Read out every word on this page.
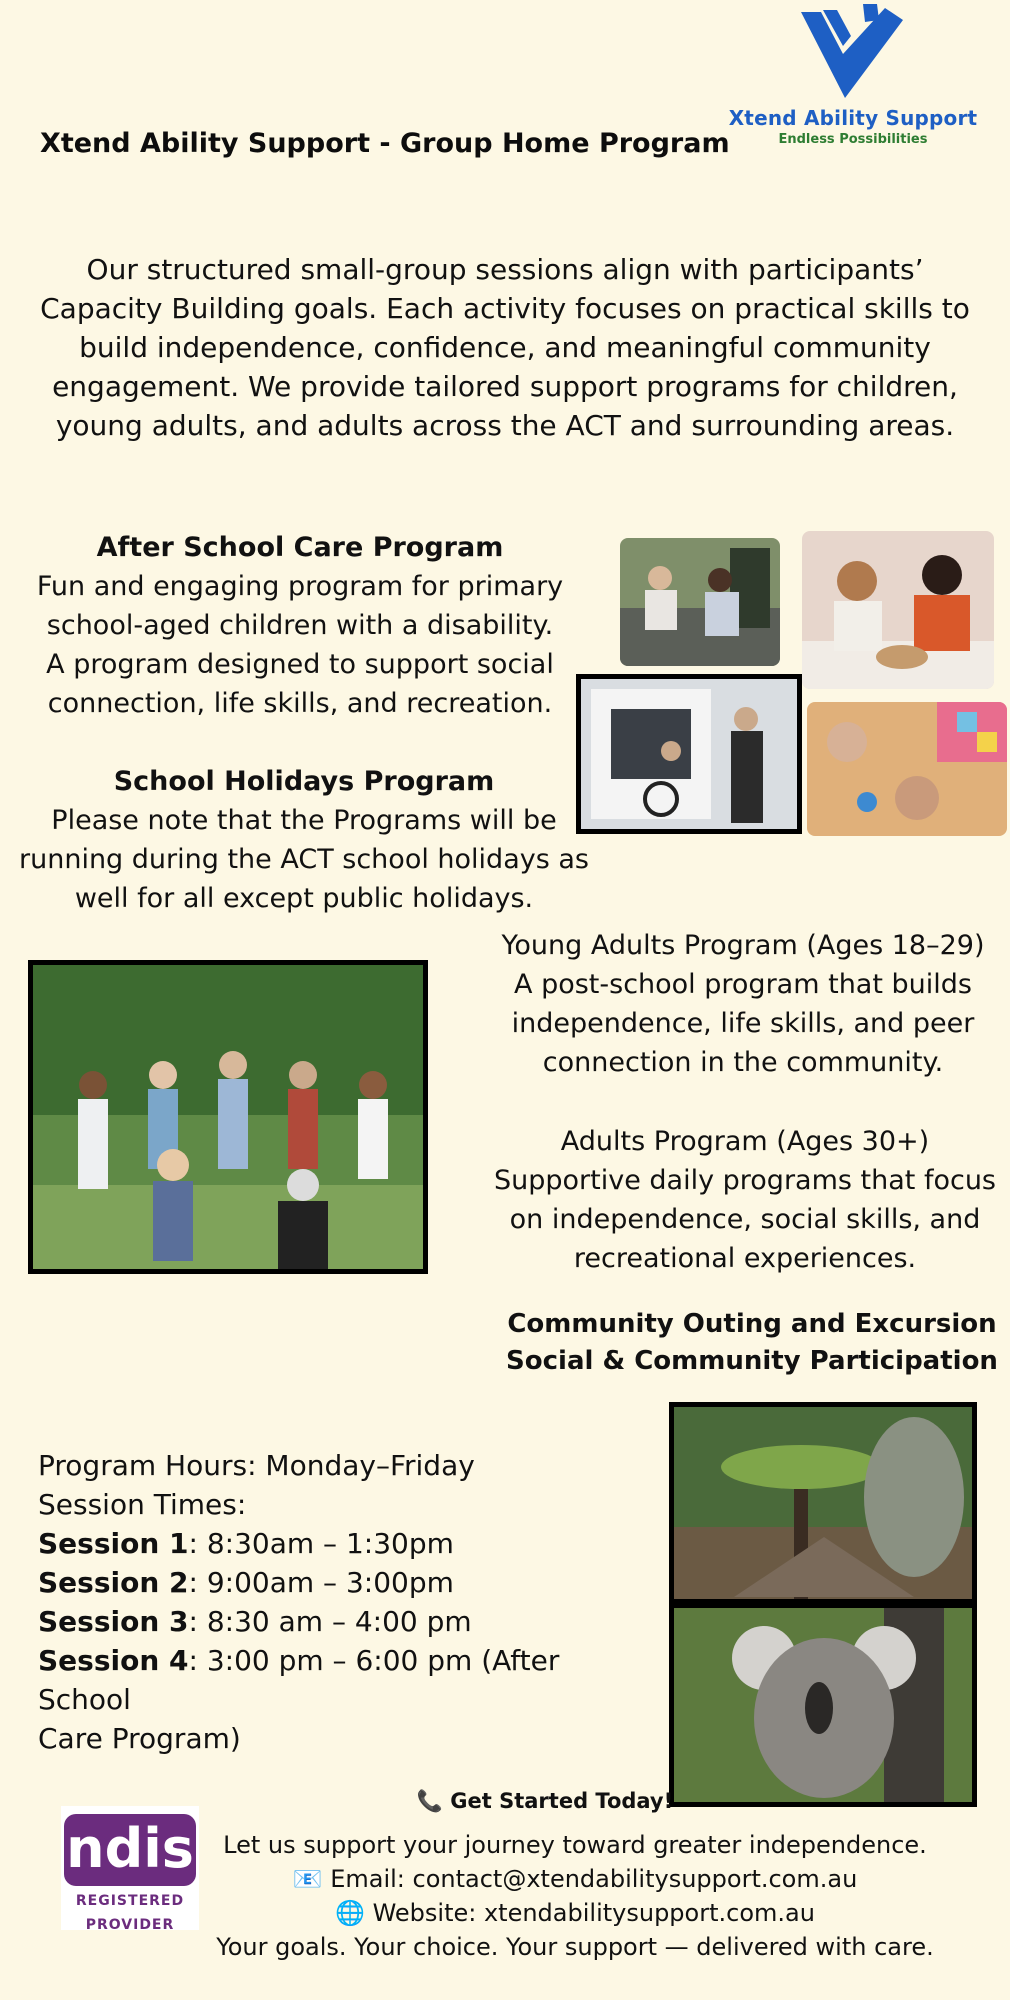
Xtend Ability Support - Group Home Program
Xtend Ability Support
Endless Possibilities
Our structured small-group sessions align with participants’ Capacity Building goals. Each activity focuses on practical skills to build independence, confidence, and meaningful community engagement. We provide tailored support programs for children, young adults, and adults across the ACT and surrounding areas.
After School Care Program
Fun and engaging program for primary
school-aged children with a disability.
A program designed to support social
connection, life skills, and recreation.
School Holidays Program
Please note that the Programs will be
running during the ACT school holidays as
well for all except public holidays.
Young Adults Program (Ages 18–29)
A post-school program that builds
independence, life skills, and peer
connection in the community.
Adults Program (Ages 30+)
Supportive daily programs that focus
on independence, social skills, and
recreational experiences.
Community Outing and Excursion
Social & Community Participation
Program Hours: Monday–Friday
Session Times:
Session 1: 8:30am – 1:30pm
Session 2: 9:00am – 3:00pm
Session 3: 8:30 am – 4:00 pm
Session 4: 3:00 pm – 6:00 pm (After School
Care Program)
ndis
REGISTERED
PROVIDER
📞 Get Started Today!
Let us support your journey toward greater independence.
📧 Email: contact@xtendabilitysupport.com.au
🌐 Website: xtendabilitysupport.com.au
Your goals. Your choice. Your support — delivered with care.
